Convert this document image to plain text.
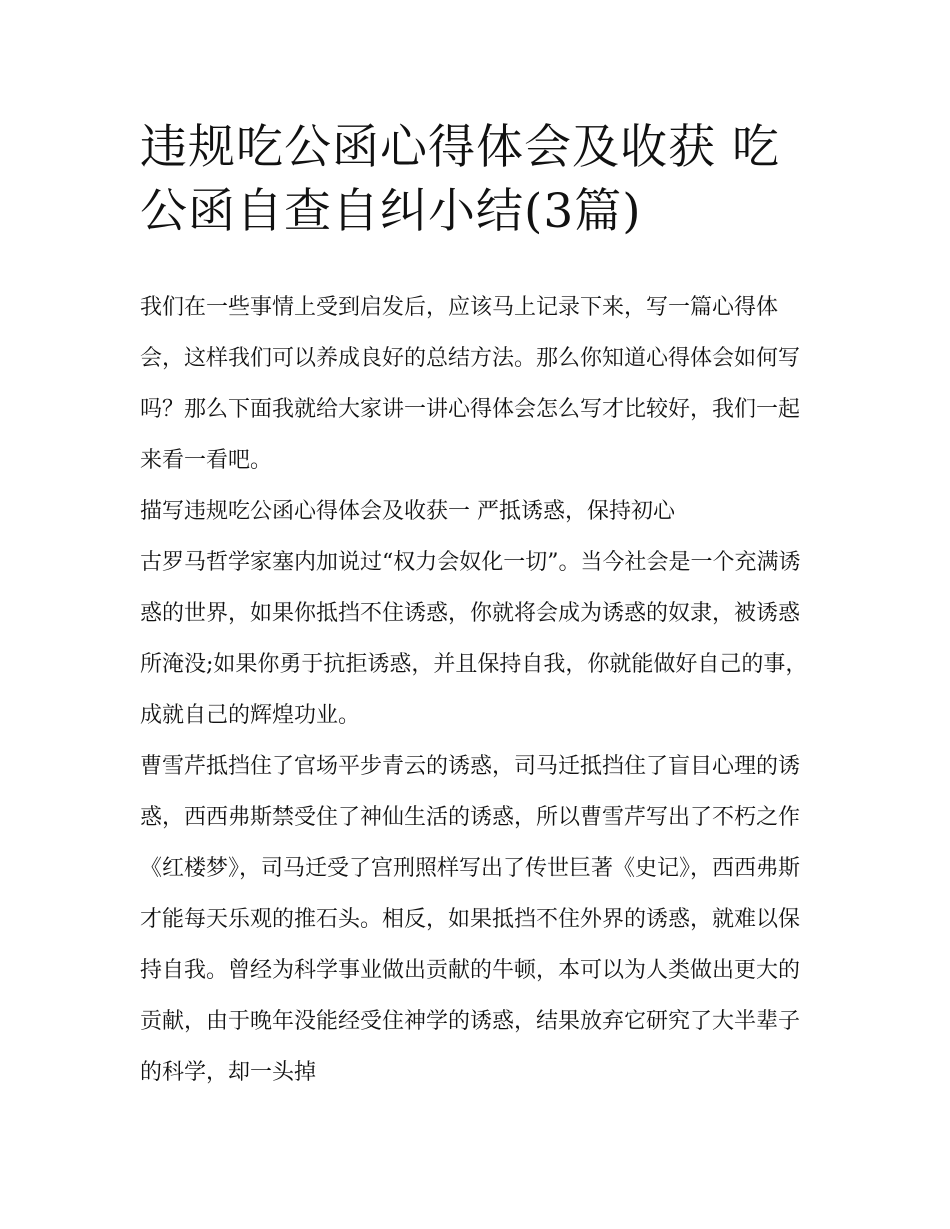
违规吃公函心得体会及收获 吃公函自查自纠小结(3篇)

我们在一些事情上受到启发后，应该马上记录下来，写一篇心得体会，这样我们可以养成良好的总结方法。那么你知道心得体会如何写吗？那么下面我就给大家讲一讲心得体会怎么写才比较好，我们一起来看一看吧。

描写违规吃公函心得体会及收获一 严抵诱惑，保持初心

古罗马哲学家塞内加说过“权力会奴化一切”。当今社会是一个充满诱惑的世界，如果你抵挡不住诱惑，你就将会成为诱惑的奴隶，被诱惑所淹没;如果你勇于抗拒诱惑，并且保持自我，你就能做好自己的事，成就自己的辉煌功业。

曹雪芹抵挡住了官场平步青云的诱惑，司马迁抵挡住了盲目心理的诱惑，西西弗斯禁受住了神仙生活的诱惑，所以曹雪芹写出了不朽之作《红楼梦》，司马迁受了宫刑照样写出了传世巨著《史记》，西西弗斯才能每天乐观的推石头。相反，如果抵挡不住外界的诱惑，就难以保持自我。曾经为科学事业做出贡献的牛顿，本可以为人类做出更大的贡献，由于晚年没能经受住神学的诱惑，结果放弃它研究了大半辈子的科学，却一头掉
